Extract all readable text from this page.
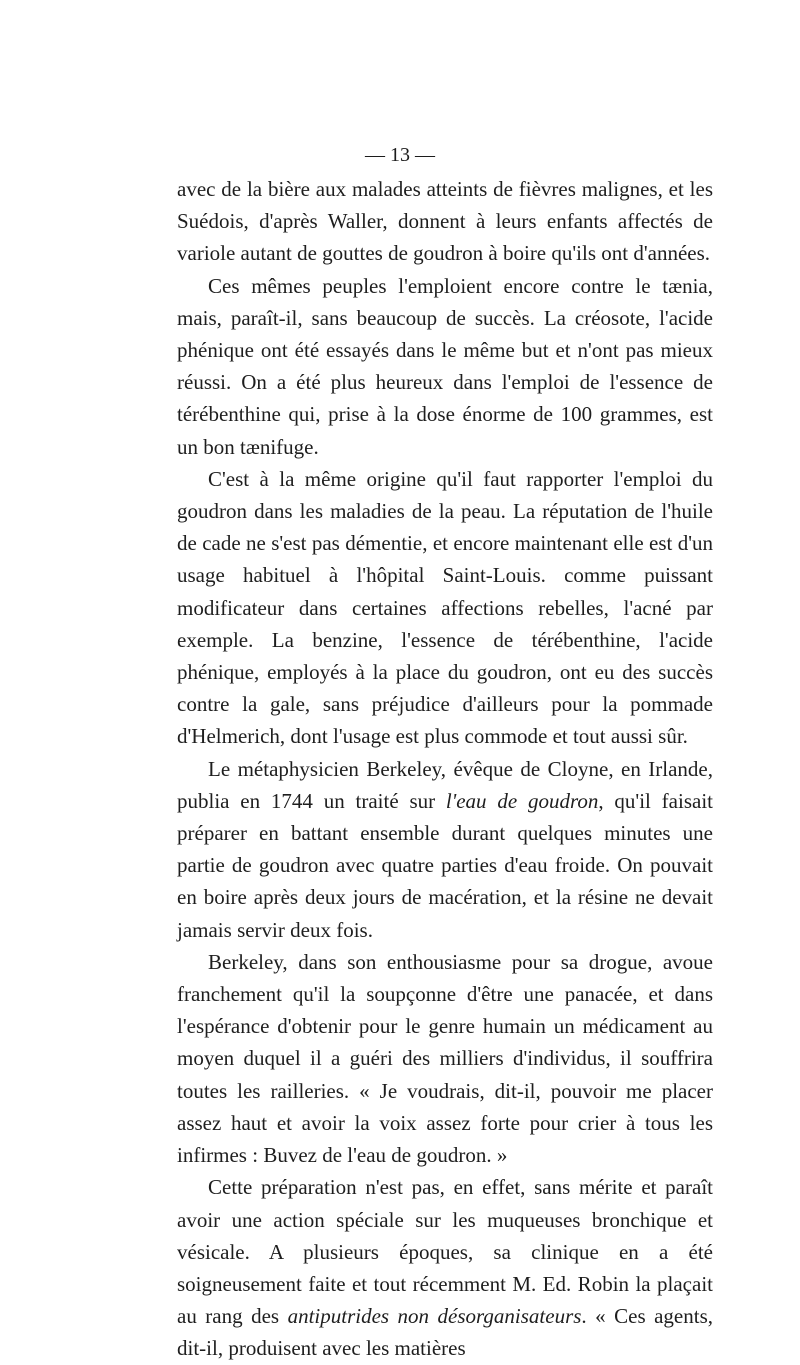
— 13 —

avec de la bière aux malades atteints de fièvres malignes, et les Suédois, d'après Waller, donnent à leurs enfants affectés de variole autant de gouttes de goudron à boire qu'ils ont d'années.

Ces mêmes peuples l'emploient encore contre le tænia, mais, paraît-il, sans beaucoup de succès. La créosote, l'acide phénique ont été essayés dans le même but et n'ont pas mieux réussi. On a été plus heureux dans l'emploi de l'essence de térébenthine qui, prise à la dose énorme de 100 grammes, est un bon tænifuge.

C'est à la même origine qu'il faut rapporter l'emploi du goudron dans les maladies de la peau. La réputation de l'huile de cade ne s'est pas démentie, et encore maintenant elle est d'un usage habituel à l'hôpital Saint-Louis. comme puissant modificateur dans certaines affections rebelles, l'acné par exemple. La benzine, l'essence de térébenthine, l'acide phénique, employés à la place du goudron, ont eu des succès contre la gale, sans préjudice d'ailleurs pour la pommade d'Helmerich, dont l'usage est plus commode et tout aussi sûr.

Le métaphysicien Berkeley, évêque de Cloyne, en Irlande, publia en 1744 un traité sur l'eau de goudron, qu'il faisait préparer en battant ensemble durant quelques minutes une partie de goudron avec quatre parties d'eau froide. On pouvait en boire après deux jours de macération, et la résine ne devait jamais servir deux fois.

Berkeley, dans son enthousiasme pour sa drogue, avoue franchement qu'il la soupçonne d'être une panacée, et dans l'espérance d'obtenir pour le genre humain un médicament au moyen duquel il a guéri des milliers d'individus, il souffrira toutes les railleries. « Je voudrais, dit-il, pouvoir me placer assez haut et avoir la voix assez forte pour crier à tous les infirmes : Buvez de l'eau de goudron. »

Cette préparation n'est pas, en effet, sans mérite et paraît avoir une action spéciale sur les muqueuses bronchique et vésicale. A plusieurs époques, sa clinique en a été soigneusement faite et tout récemment M. Ed. Robin la plaçait au rang des antiputrides non désorganisateurs. « Ces agents, dit-il, produisent avec les matières
